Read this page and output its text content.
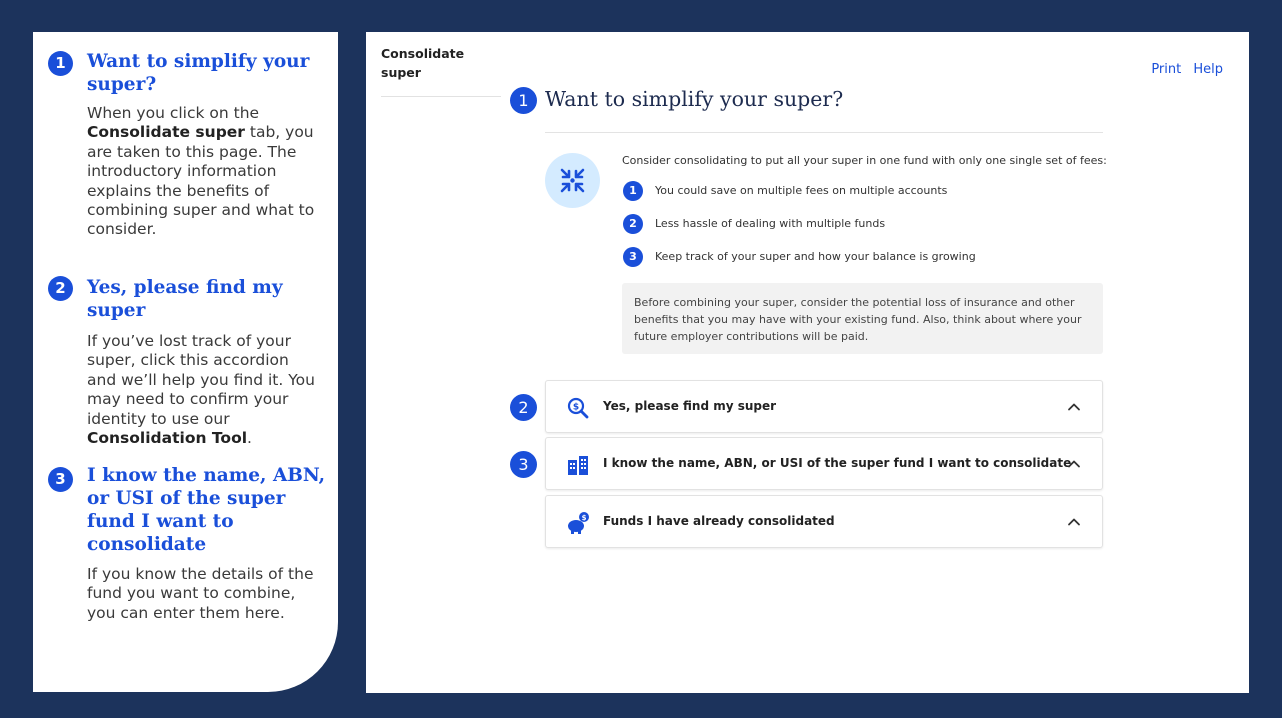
1	Want to simplify your super?
When you click on the Consolidate super tab, you are taken to this page. The introductory information explains the benefits of combining super and what to consider.
2	Yes, please find my super
If you’ve lost track of your super, click this accordion and we’ll help you find it. You may need to confirm your identity to use our Consolidation Tool.
3	I know the name, ABN, or USI of the super fund I want to consolidate
If you know the details of the fund you want to combine, you can enter them here.
Consolidate super	Print Help
1 Want to simplify your super?
Consider consolidating to put all your super in one fund with only one single set of fees:
1	You could save on multiple fees on multiple accounts
2	Less hassle of dealing with multiple funds
3	Keep track of your super and how your balance is growing
Before combining your super, consider the potential loss of insurance and other benefits that you may have with your existing fund. Also, think about where your future employer contributions will be paid.
2	$ Yes, please find my super
3	I know the name, ABN, or USI of the super fund I want to consolidate
$ Funds I have already consolidated
